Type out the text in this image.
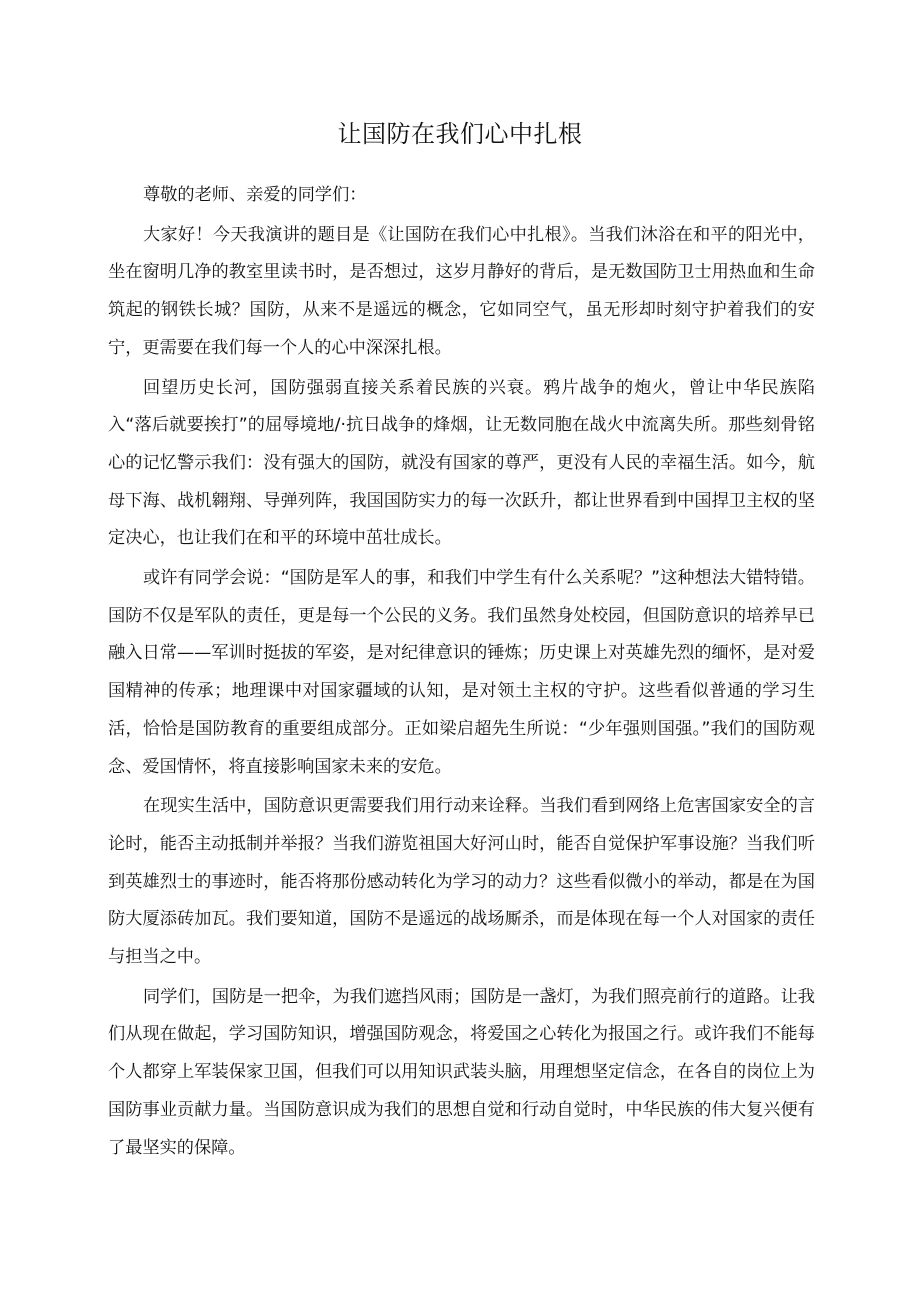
让国防在我们心中扎根

尊敬的老师、亲爱的同学们：

大家好！今天我演讲的题目是《让国防在我们心中扎根》。当我们沐浴在和平的阳光中，坐在窗明几净的教室里读书时，是否想过，这岁月静好的背后，是无数国防卫士用热血和生命筑起的钢铁长城？国防，从来不是遥远的概念，它如同空气，虽无形却时刻守护着我们的安宁，更需要在我们每一个人的心中深深扎根。

回望历史长河，国防强弱直接关系着民族的兴衰。鸦片战争的炮火，曾让中华民族陷入“落后就要挨打”的屈辱境地/·抗日战争的烽烟，让无数同胞在战火中流离失所。那些刻骨铭心的记忆警示我们：没有强大的国防，就没有国家的尊严，更没有人民的幸福生活。如今，航母下海、战机翱翔、导弹列阵，我国国防实力的每一次跃升，都让世界看到中国捍卫主权的坚定决心，也让我们在和平的环境中茁壮成长。

或许有同学会说：“国防是军人的事，和我们中学生有什么关系呢？”这种想法大错特错。国防不仅是军队的责任，更是每一个公民的义务。我们虽然身处校园，但国防意识的培养早已融入日常——军训时挺拔的军姿，是对纪律意识的锤炼；历史课上对英雄先烈的缅怀，是对爱国精神的传承；地理课中对国家疆域的认知，是对领土主权的守护。这些看似普通的学习生活，恰恰是国防教育的重要组成部分。正如梁启超先生所说：“少年强则国强。”我们的国防观念、爱国情怀，将直接影响国家未来的安危。

在现实生活中，国防意识更需要我们用行动来诠释。当我们看到网络上危害国家安全的言论时，能否主动抵制并举报？当我们游览祖国大好河山时，能否自觉保护军事设施？当我们听到英雄烈士的事迹时，能否将那份感动转化为学习的动力？这些看似微小的举动，都是在为国防大厦添砖加瓦。我们要知道，国防不是遥远的战场厮杀，而是体现在每一个人对国家的责任与担当之中。

同学们，国防是一把伞，为我们遮挡风雨；国防是一盏灯，为我们照亮前行的道路。让我们从现在做起，学习国防知识，增强国防观念，将爱国之心转化为报国之行。或许我们不能每个人都穿上军装保家卫国，但我们可以用知识武装头脑，用理想坚定信念，在各自的岗位上为国防事业贡献力量。当国防意识成为我们的思想自觉和行动自觉时，中华民族的伟大复兴便有了最坚实的保障。
